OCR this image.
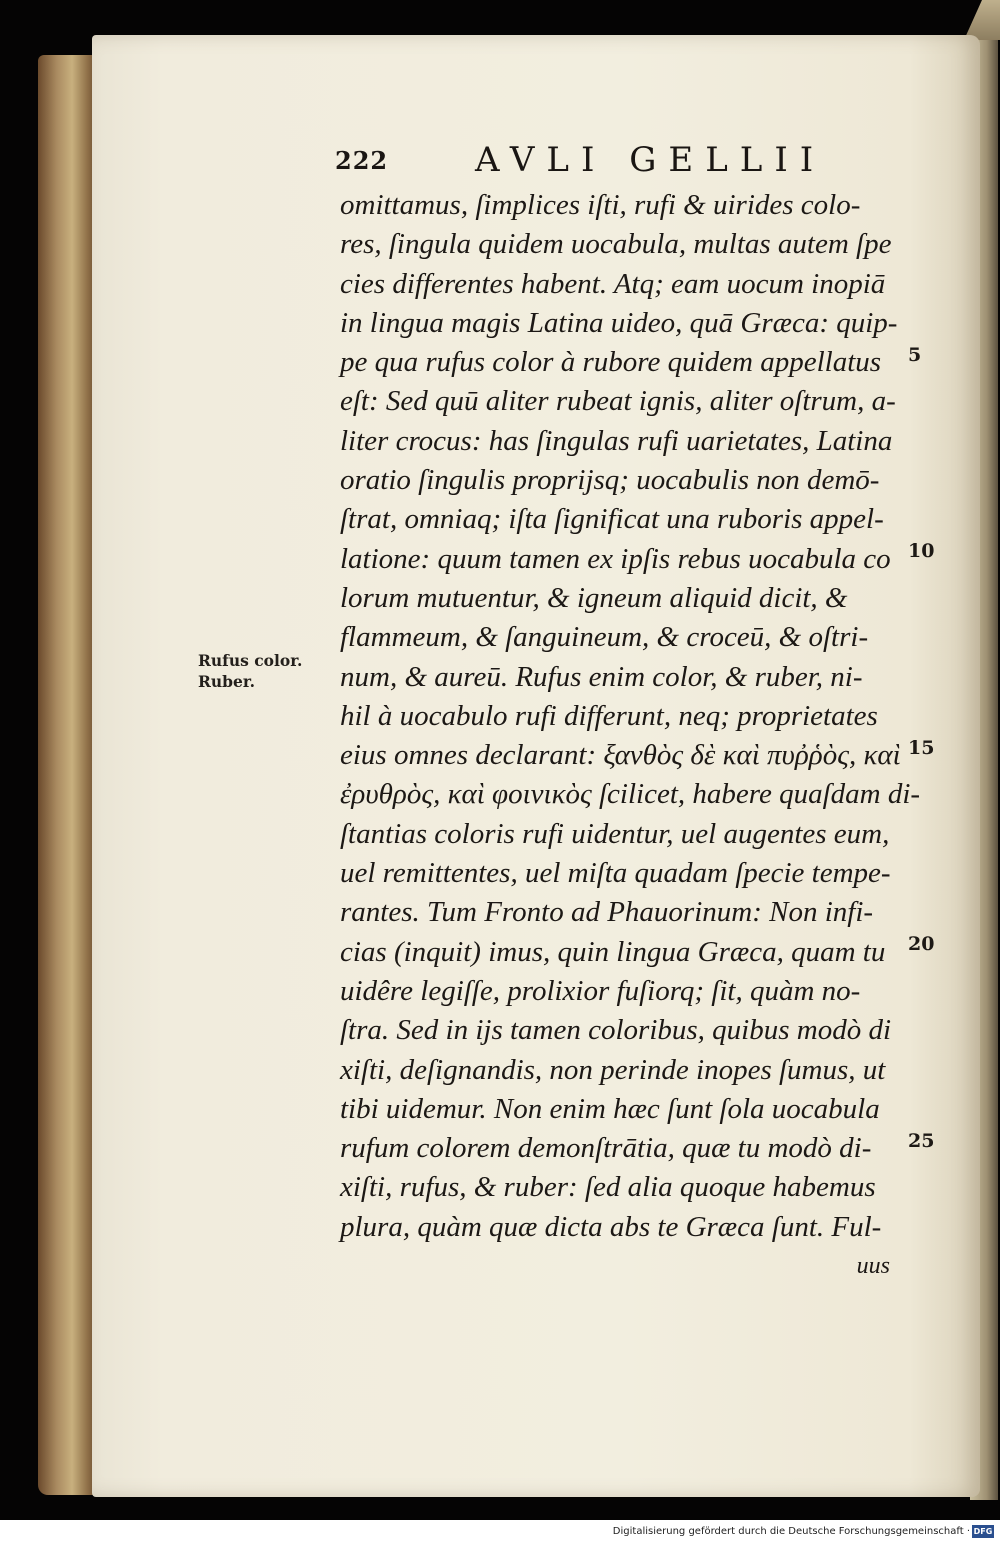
222	AVLI GELLII
Rufus color.
Ruber.
omittamus, ſimplices iſti, rufi & uirides colo-
res, ſingula quidem uocabula, multas autem ſpe
cies differentes habent. Atq; eam uocum inopiā
in lingua magis Latina uideo, quā Græca: quip-
pe qua rufus color à rubore quidem appellatus
eſt: Sed quū aliter rubeat ignis, aliter oſtrum, a-
liter crocus: has ſingulas rufi uarietates, Latina
oratio ſingulis proprijsq; uocabulis non demō-
ſtrat, omniaq; iſta ſignificat una ruboris appel-
latione: quum tamen ex ipſis rebus uocabula co
lorum mutuentur, & igneum aliquid dicit, &
flammeum, & ſanguineum, & croceū, & oſtri-
num, & aureū. Rufus enim color, & ruber, ni-
hil à uocabulo rufi differunt, neq; proprietates
eius omnes declarant: ξανθὸς δὲ καὶ πυῤῥὸς, καὶ
ἐρυθρὸς, καὶ φοινικὸς ſcilicet, habere quaſdam di-
ſtantias coloris rufi uidentur, uel augentes eum,
uel remittentes, uel miſta quadam ſpecie tempe-
rantes. Tum Fronto ad Phauorinum: Non infi-
cias (inquit) imus, quin lingua Græca, quam tu
uidêre legiſſe, prolixior fuſiorq; ſit, quàm no-
ſtra. Sed in ijs tamen coloribus, quibus modò di
xiſti, deſignandis, non perinde inopes ſumus, ut
tibi uidemur. Non enim hæc ſunt ſola uocabula
rufum colorem demonſtrātia, quæ tu modò di-
xiſti, rufus, & ruber: ſed alia quoque habemus
plura, quàm quæ dicta abs te Græca ſunt. Ful-
uus
5
10
15
20
25
Digitalisierung gefördert durch die Deutsche Forschungsgemeinschaft · DFG
